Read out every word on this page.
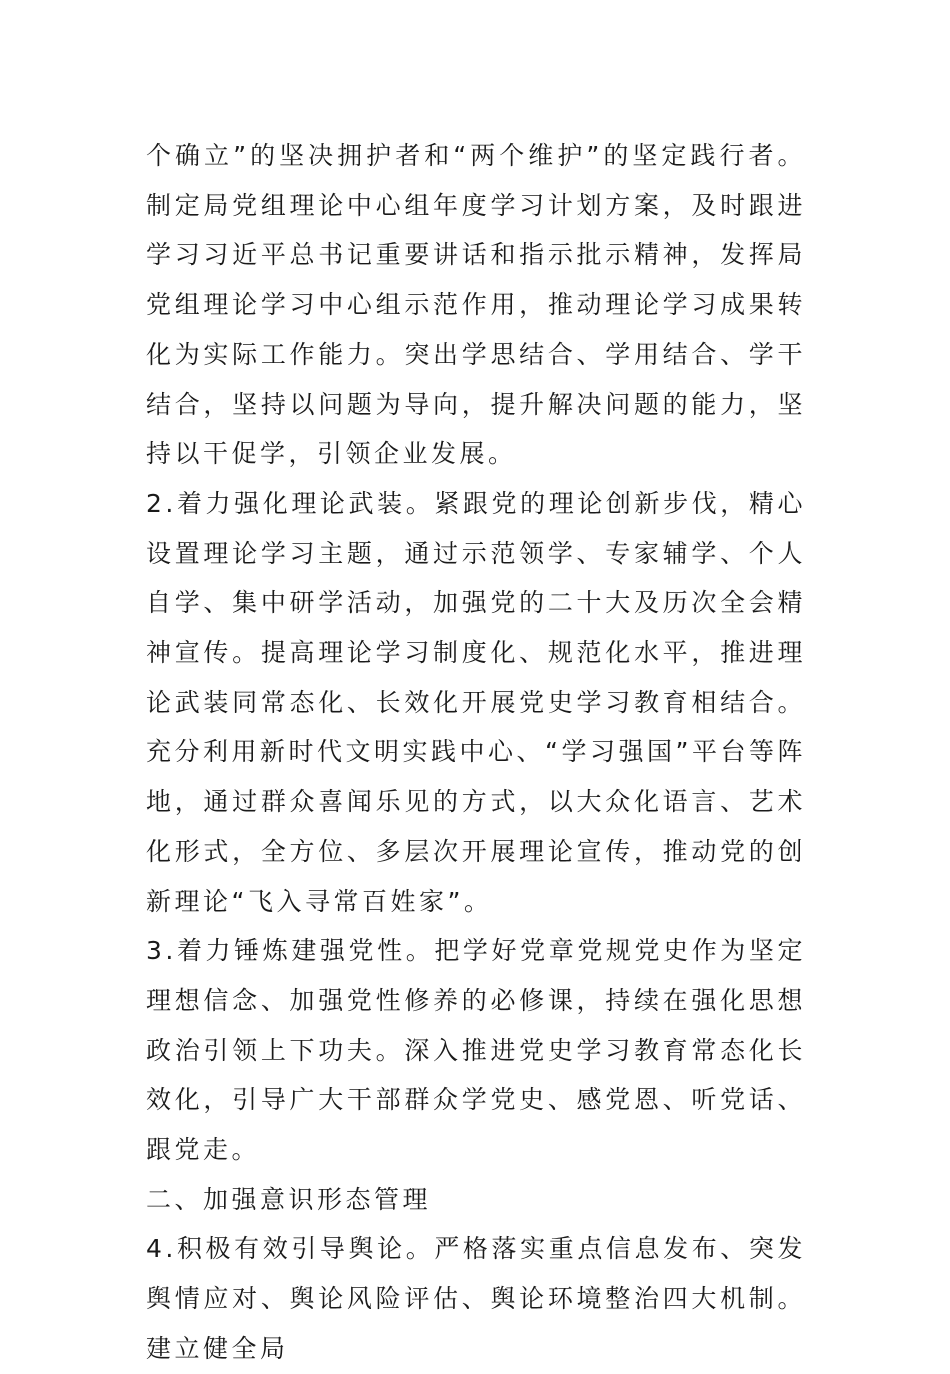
个确立”的坚决拥护者和“两个维护”的坚定践行者。制定局党组理论中心组年度学习计划方案，及时跟进学习习近平总书记重要讲话和指示批示精神，发挥局党组理论学习中心组示范作用，推动理论学习成果转化为实际工作能力。突出学思结合、学用结合、学干结合，坚持以问题为导向，提升解决问题的能力，坚持以干促学，引领企业发展。

2.着力强化理论武装。紧跟党的理论创新步伐，精心设置理论学习主题，通过示范领学、专家辅学、个人自学、集中研学活动，加强党的二十大及历次全会精神宣传。提高理论学习制度化、规范化水平，推进理论武装同常态化、长效化开展党史学习教育相结合。充分利用新时代文明实践中心、“学习强国”平台等阵地，通过群众喜闻乐见的方式，以大众化语言、艺术化形式，全方位、多层次开展理论宣传，推动党的创新理论“飞入寻常百姓家”。

3.着力锤炼建强党性。把学好党章党规党史作为坚定理想信念、加强党性修养的必修课，持续在强化思想政治引领上下功夫。深入推进党史学习教育常态化长效化，引导广大干部群众学党史、感党恩、听党话、跟党走。

二、加强意识形态管理

4.积极有效引导舆论。严格落实重点信息发布、突发舆情应对、舆论风险评估、舆论环境整治四大机制。建立健全局
